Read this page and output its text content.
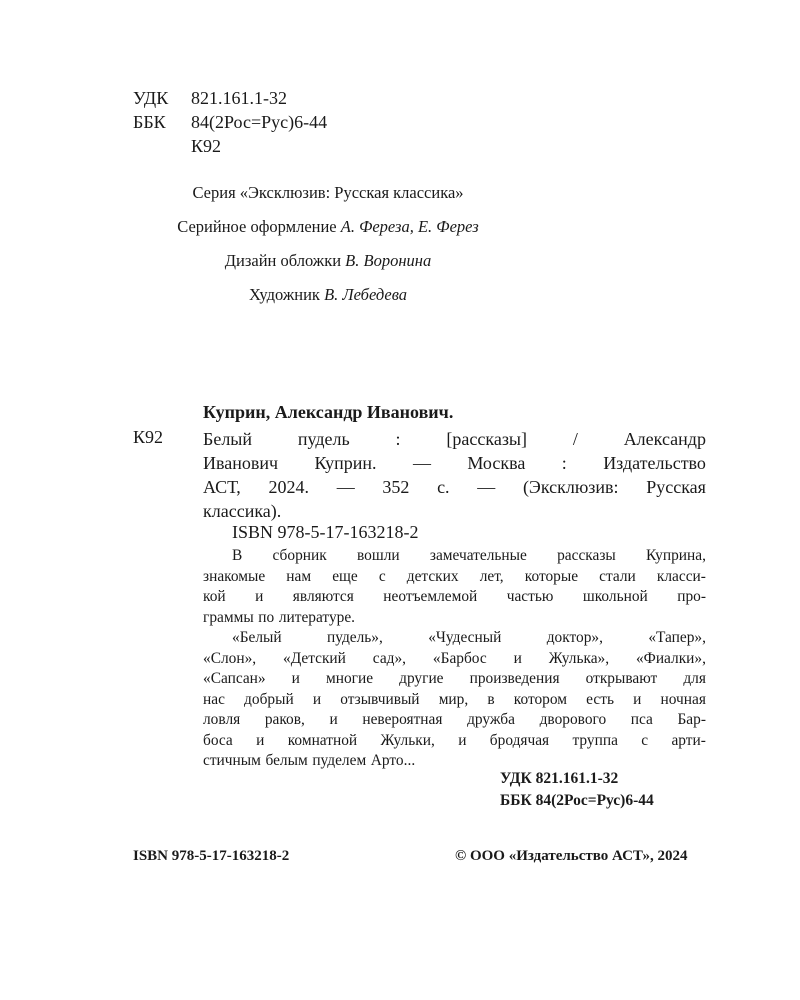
УДК 821.161.1-32
ББК 84(2Рос=Рус)6-44
К92
Серия «Эксклюзив: Русская классика»
Серийное оформление А. Фереза, Е. Ферез
Дизайн обложки В. Воронина
Художник В. Лебедева
Куприн, Александр Иванович.
К92 Белый	пудель	:	[рассказы]	/	Александр
Иванович Куприн. — Москва : Издательство
АСТ, 2024. — 352 с. — (Эксклюзив: Русская
классика).
ISBN 978-5-17-163218-2
В сборник вошли замечательные рассказы Куприна,
знакомые нам еще с детских лет, которые стали класси-
кой и являются неотъемлемой частью школьной про-
граммы по литературе.
«Белый	пудель»,	«Чудесный	доктор»,	«Тапер»,
«Слон», «Детский сад», «Барбос и Жулька», «Фиалки»,
«Сапсан» и многие другие произведения открывают для
нас добрый и отзывчивый мир, в котором есть и ночная
ловля раков, и невероятная дружба дворового пса Бар-
боса и комнатной Жульки, и бродячая труппа с арти-
стичным белым пуделем Арто...
УДК 821.161.1-32
ББК 84(2Рос=Рус)6-44
ISBN 978-5-17-163218-2	© ООО «Издательство АСТ», 2024
